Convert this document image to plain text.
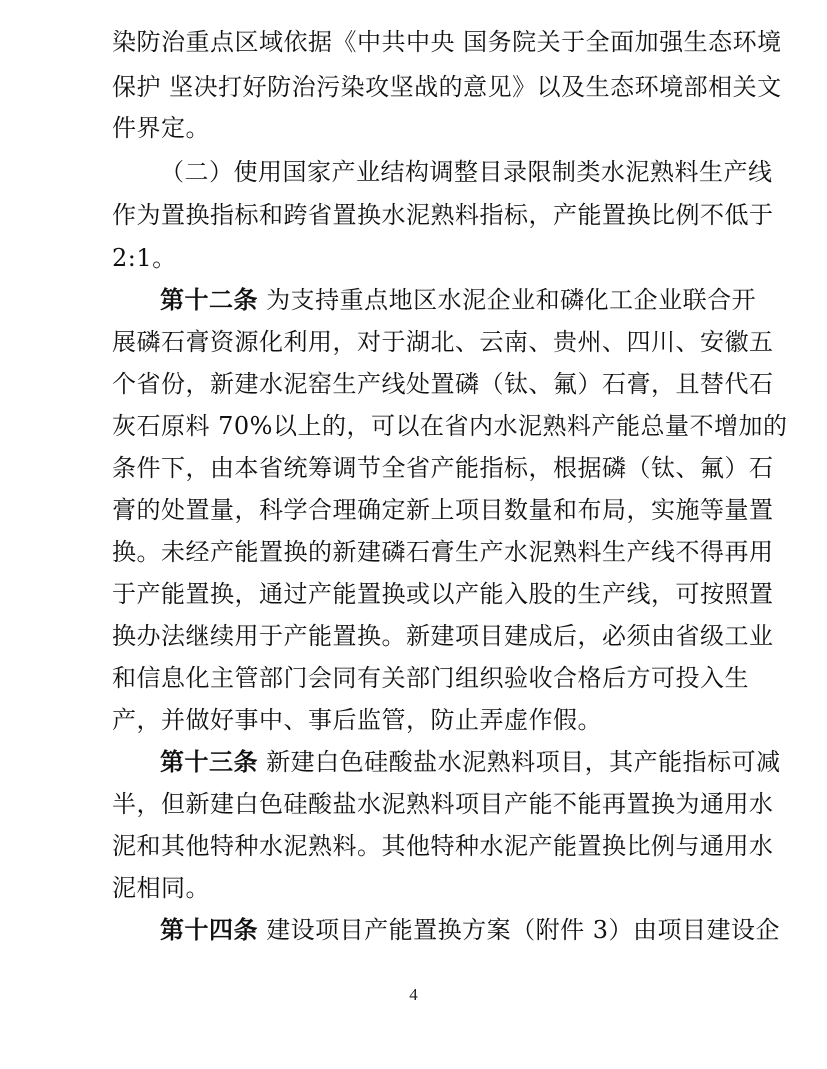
染防治重点区域依据《中共中央 国务院关于全面加强生态环境
保护 坚决打好防治污染攻坚战的意见》以及生态环境部相关文
件界定。
（二）使用国家产业结构调整目录限制类水泥熟料生产线
作为置换指标和跨省置换水泥熟料指标，产能置换比例不低于
2:1。
第十二条 为支持重点地区水泥企业和磷化工企业联合开
展磷石膏资源化利用，对于湖北、云南、贵州、四川、安徽五
个省份，新建水泥窑生产线处置磷（钛、氟）石膏，且替代石
灰石原料 70%以上的，可以在省内水泥熟料产能总量不增加的
条件下，由本省统筹调节全省产能指标，根据磷（钛、氟）石
膏的处置量，科学合理确定新上项目数量和布局，实施等量置
换。未经产能置换的新建磷石膏生产水泥熟料生产线不得再用
于产能置换，通过产能置换或以产能入股的生产线，可按照置
换办法继续用于产能置换。新建项目建成后，必须由省级工业
和信息化主管部门会同有关部门组织验收合格后方可投入生
产，并做好事中、事后监管，防止弄虚作假。
第十三条 新建白色硅酸盐水泥熟料项目，其产能指标可减
半，但新建白色硅酸盐水泥熟料项目产能不能再置换为通用水
泥和其他特种水泥熟料。其他特种水泥产能置换比例与通用水
泥相同。
第十四条 建设项目产能置换方案（附件 3）由项目建设企
4
